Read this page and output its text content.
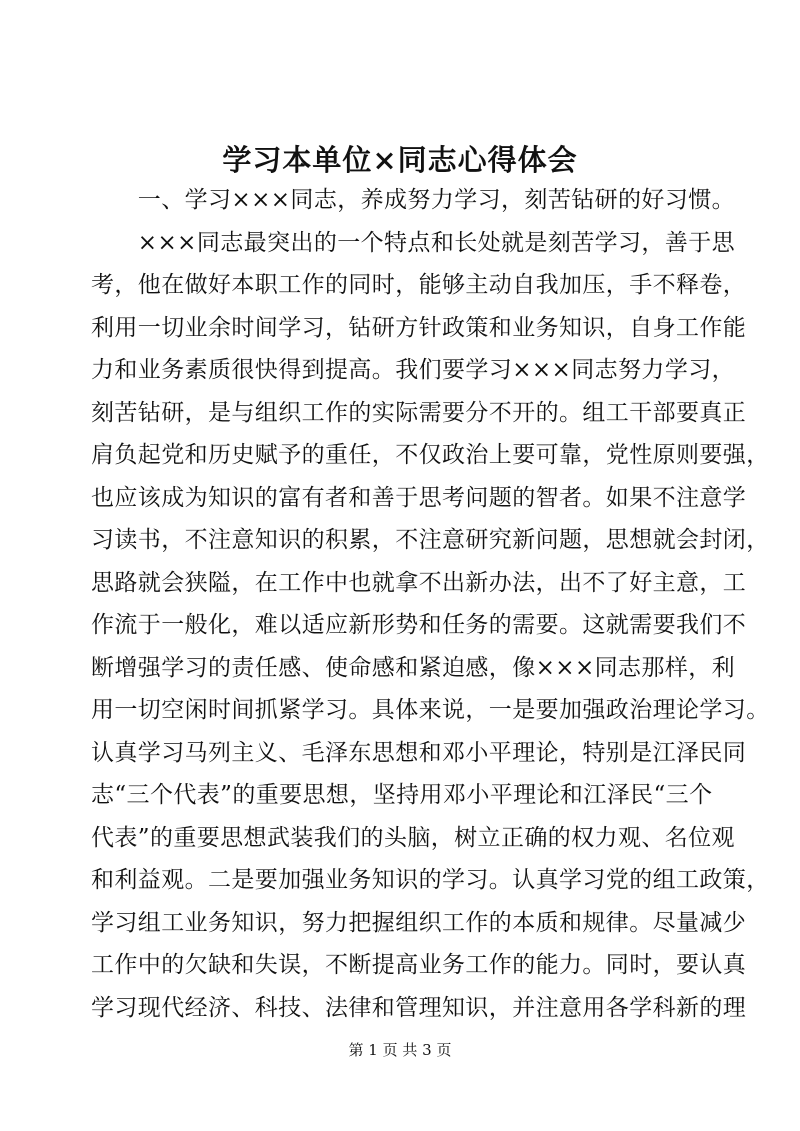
学习本单位×同志心得体会
　　一、学习×××同志，养成努力学习，刻苦钻研的好习惯。
　　×××同志最突出的一个特点和长处就是刻苦学习，善于思
考，他在做好本职工作的同时，能够主动自我加压，手不释卷，
利用一切业余时间学习，钻研方针政策和业务知识，自身工作能
力和业务素质很快得到提高。我们要学习×××同志努力学习，
刻苦钻研，是与组织工作的实际需要分不开的。组工干部要真正
肩负起党和历史赋予的重任，不仅政治上要可靠，党性原则要强，
也应该成为知识的富有者和善于思考问题的智者。如果不注意学
习读书，不注意知识的积累，不注意研究新问题，思想就会封闭，
思路就会狭隘，在工作中也就拿不出新办法，出不了好主意，工
作流于一般化，难以适应新形势和任务的需要。这就需要我们不
断增强学习的责任感、使命感和紧迫感，像×××同志那样，利
用一切空闲时间抓紧学习。具体来说，一是要加强政治理论学习。
认真学习马列主义、毛泽东思想和邓小平理论，特别是江泽民同
志“三个代表”的重要思想，坚持用邓小平理论和江泽民“三个
代表”的重要思想武装我们的头脑，树立正确的权力观、名位观
和利益观。二是要加强业务知识的学习。认真学习党的组工政策，
学习组工业务知识，努力把握组织工作的本质和规律。尽量减少
工作中的欠缺和失误，不断提高业务工作的能力。同时，要认真
学习现代经济、科技、法律和管理知识，并注意用各学科新的理
第 1 页 共 3 页
